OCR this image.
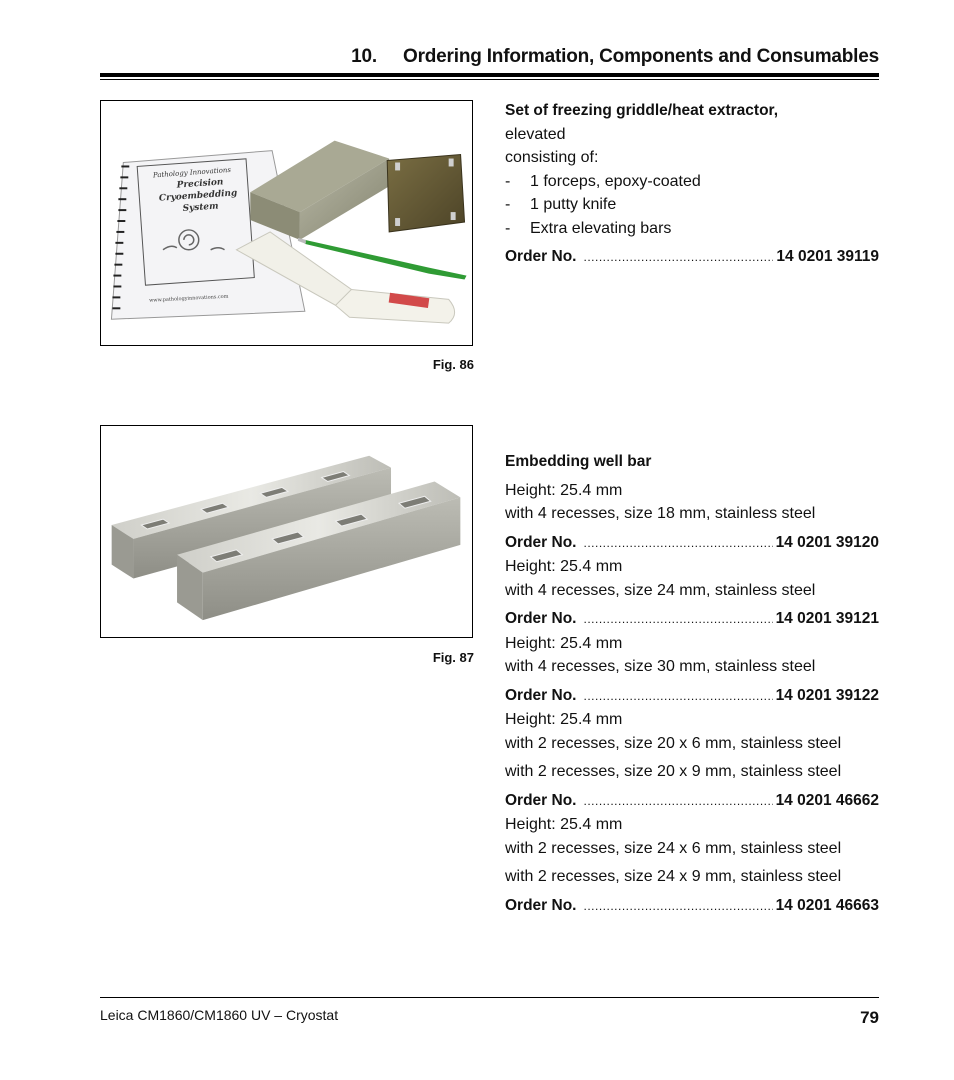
10. Ordering Information, Components and Consumables
Pathology Innovations
Precision
Cryoembedding
System
www.pathologyinnovations.com
Fig. 86
Set of freezing griddle/heat extractor,
elevated
consisting of:
-	1 forceps, epoxy-coated
-	1 putty knife
-	Extra elevating bars
Order No. .....	14 0201 39119
Fig. 87
Embedding well bar
Height: 25.4 mm
with 4 recesses, size 18 mm, stainless steel
Order No. .....	14 0201 39120
Height: 25.4 mm
with 4 recesses, size 24 mm, stainless steel
Order No. .....	14 0201 39121
Height: 25.4 mm
with 4 recesses, size 30 mm, stainless steel
Order No. .....	14 0201 39122
Height: 25.4 mm
with 2 recesses, size 20 x 6 mm, stainless steel
with 2 recesses, size 20 x 9 mm, stainless steel
Order No. .....	14 0201 46662
Height: 25.4 mm
with 2 recesses, size 24 x 6 mm, stainless steel
with 2 recesses, size 24 x 9 mm, stainless steel
Order No. .....	14 0201 46663
Leica CM1860/CM1860 UV – Cryostat	79
